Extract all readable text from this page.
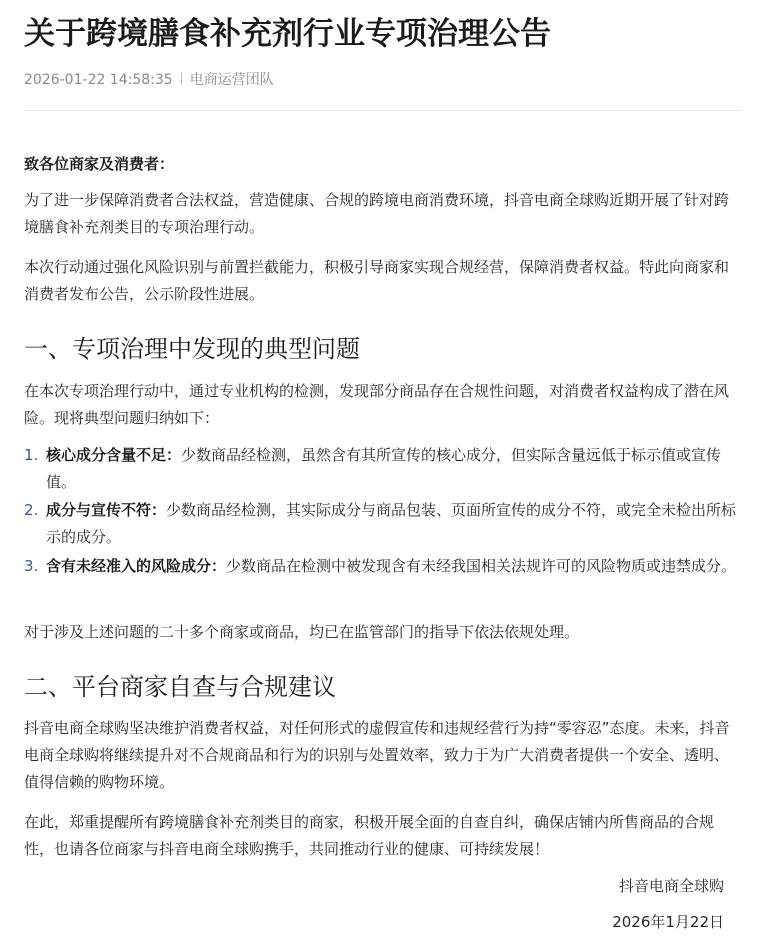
关于跨境膳食补充剂行业专项治理公告
2026-01-22 14:58:35 电商运营团队
致各位商家及消费者：
为了进一步保障消费者合法权益，营造健康、合规的跨境电商消费环境，抖音电商全球购近期开展了针对跨境膳食补充剂类目的专项治理行动。
本次行动通过强化风险识别与前置拦截能力，积极引导商家实现合规经营，保障消费者权益。特此向商家和消费者发布公告，公示阶段性进展。
一、专项治理中发现的典型问题
在本次专项治理行动中，通过专业机构的检测，发现部分商品存在合规性问题，对消费者权益构成了潜在风险。现将典型问题归纳如下：
1. 核心成分含量不足：少数商品经检测，虽然含有其所宣传的核心成分，但实际含量远低于标示值或宣传值。
2. 成分与宣传不符：少数商品经检测，其实际成分与商品包装、页面所宣传的成分不符，或完全未检出所标示的成分。
3. 含有未经准入的风险成分：少数商品在检测中被发现含有未经我国相关法规许可的风险物质或违禁成分。
对于涉及上述问题的二十多个商家或商品，均已在监管部门的指导下依法依规处理。
二、平台商家自查与合规建议
抖音电商全球购坚决维护消费者权益，对任何形式的虚假宣传和违规经营行为持“零容忍”态度。未来，抖音电商全球购将继续提升对不合规商品和行为的识别与处置效率，致力于为广大消费者提供一个安全、透明、值得信赖的购物环境。
在此，郑重提醒所有跨境膳食补充剂类目的商家，积极开展全面的自查自纠，确保店铺内所售商品的合规性，也请各位商家与抖音电商全球购携手，共同推动行业的健康、可持续发展！
抖音电商全球购
2026年1月22日
